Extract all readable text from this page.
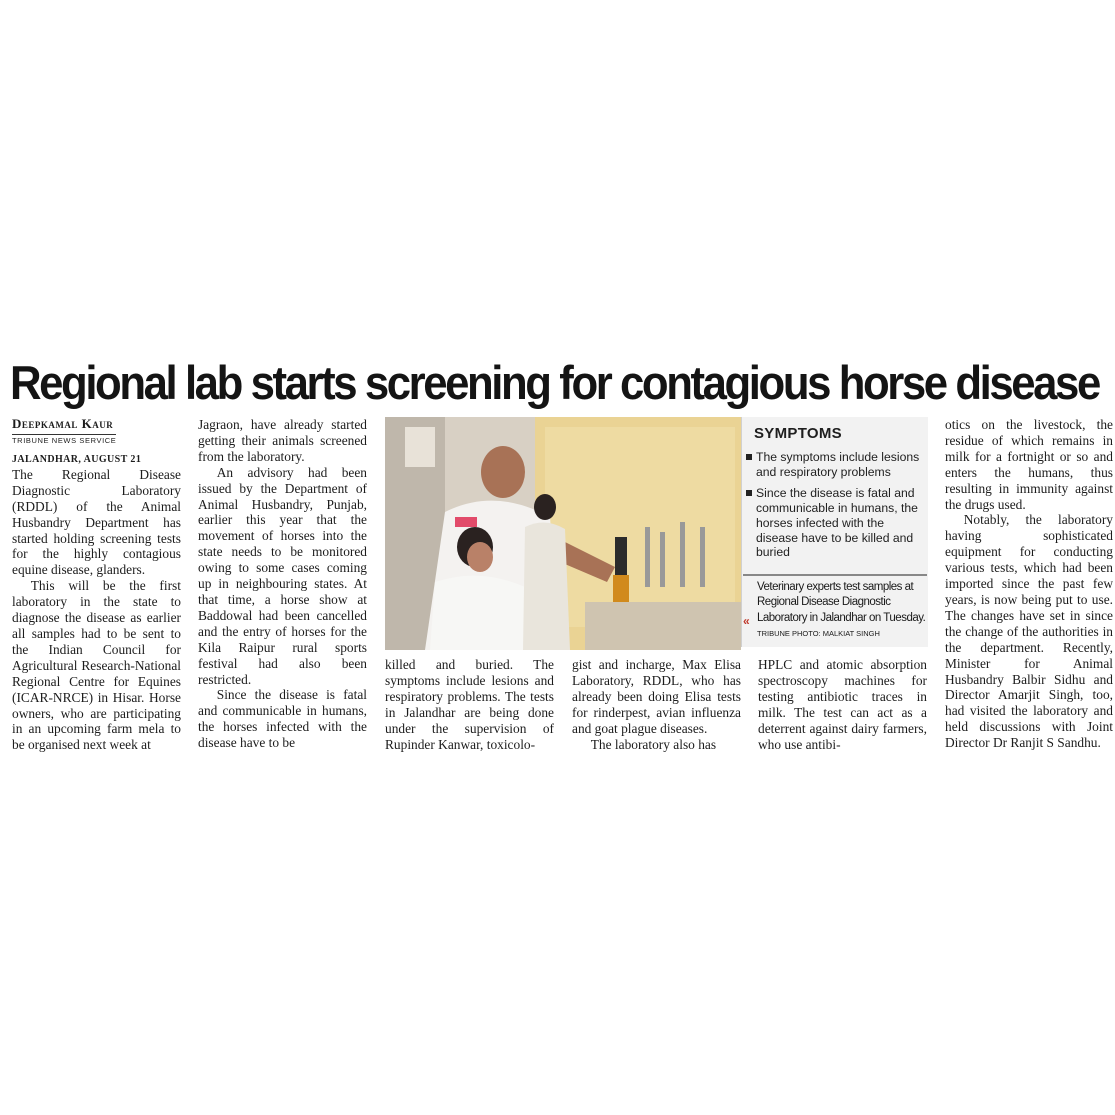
Regional lab starts screening for contagious horse disease
Deepkamal Kaur
TRIBUNE NEWS SERVICE
JALANDHAR, AUGUST 21

The Regional Disease Diagnostic Laboratory (RDDL) of the Animal Husbandry Department has started holding screening tests for the highly contagious equine disease, glanders.

This will be the first laboratory in the state to diagnose the disease as earlier all samples had to be sent to the Indian Council for Agricultural Research-National Regional Centre for Equines (ICAR-NRCE) in Hisar. Horse owners, who are participating in an upcoming farm mela to be organised next week at

Jagraon, have already started getting their animals screened from the laboratory.

An advisory had been issued by the Department of Animal Husbandry, Punjab, earlier this year that the movement of horses into the state needs to be monitored owing to some cases coming up in neighbouring states. At that time, a horse show at Baddowal had been cancelled and the entry of horses for the Kila Raipur rural sports festival had also been restricted.

Since the disease is fatal and communicable in humans, the horses infected with the disease have to be

SYMPTOMS
The symptoms include lesions and respiratory problems
Since the disease is fatal and communicable in humans, the horses infected with the disease have to be killed and buried
«
Veterinary experts test samples at Regional Disease Diagnostic Laboratory in Jalandhar on Tuesday. TRIBUNE PHOTO: MALKIAT SINGH

killed and buried. The symptoms include lesions and respiratory problems. The tests in Jalandhar are being done under the supervision of Rupinder Kanwar, toxicolo-

gist and incharge, Max Elisa Laboratory, RDDL, who has already been doing Elisa tests for rinderpest, avian influenza and goat plague diseases.

The laboratory also has

HPLC and atomic absorption spectroscopy machines for testing antibiotic traces in milk. The test can act as a deterrent against dairy farmers, who use antibi-

otics on the livestock, the residue of which remains in milk for a fortnight or so and enters the humans, thus resulting in immunity against the drugs used.

Notably, the laboratory having sophisticated equipment for conducting various tests, which had been imported since the past few years, is now being put to use. The changes have set in since the change of the authorities in the department. Recently, Minister for Animal Husbandry Balbir Sidhu and Director Amarjit Singh, too, had visited the laboratory and held discussions with Joint Director Dr Ranjit S Sandhu.
